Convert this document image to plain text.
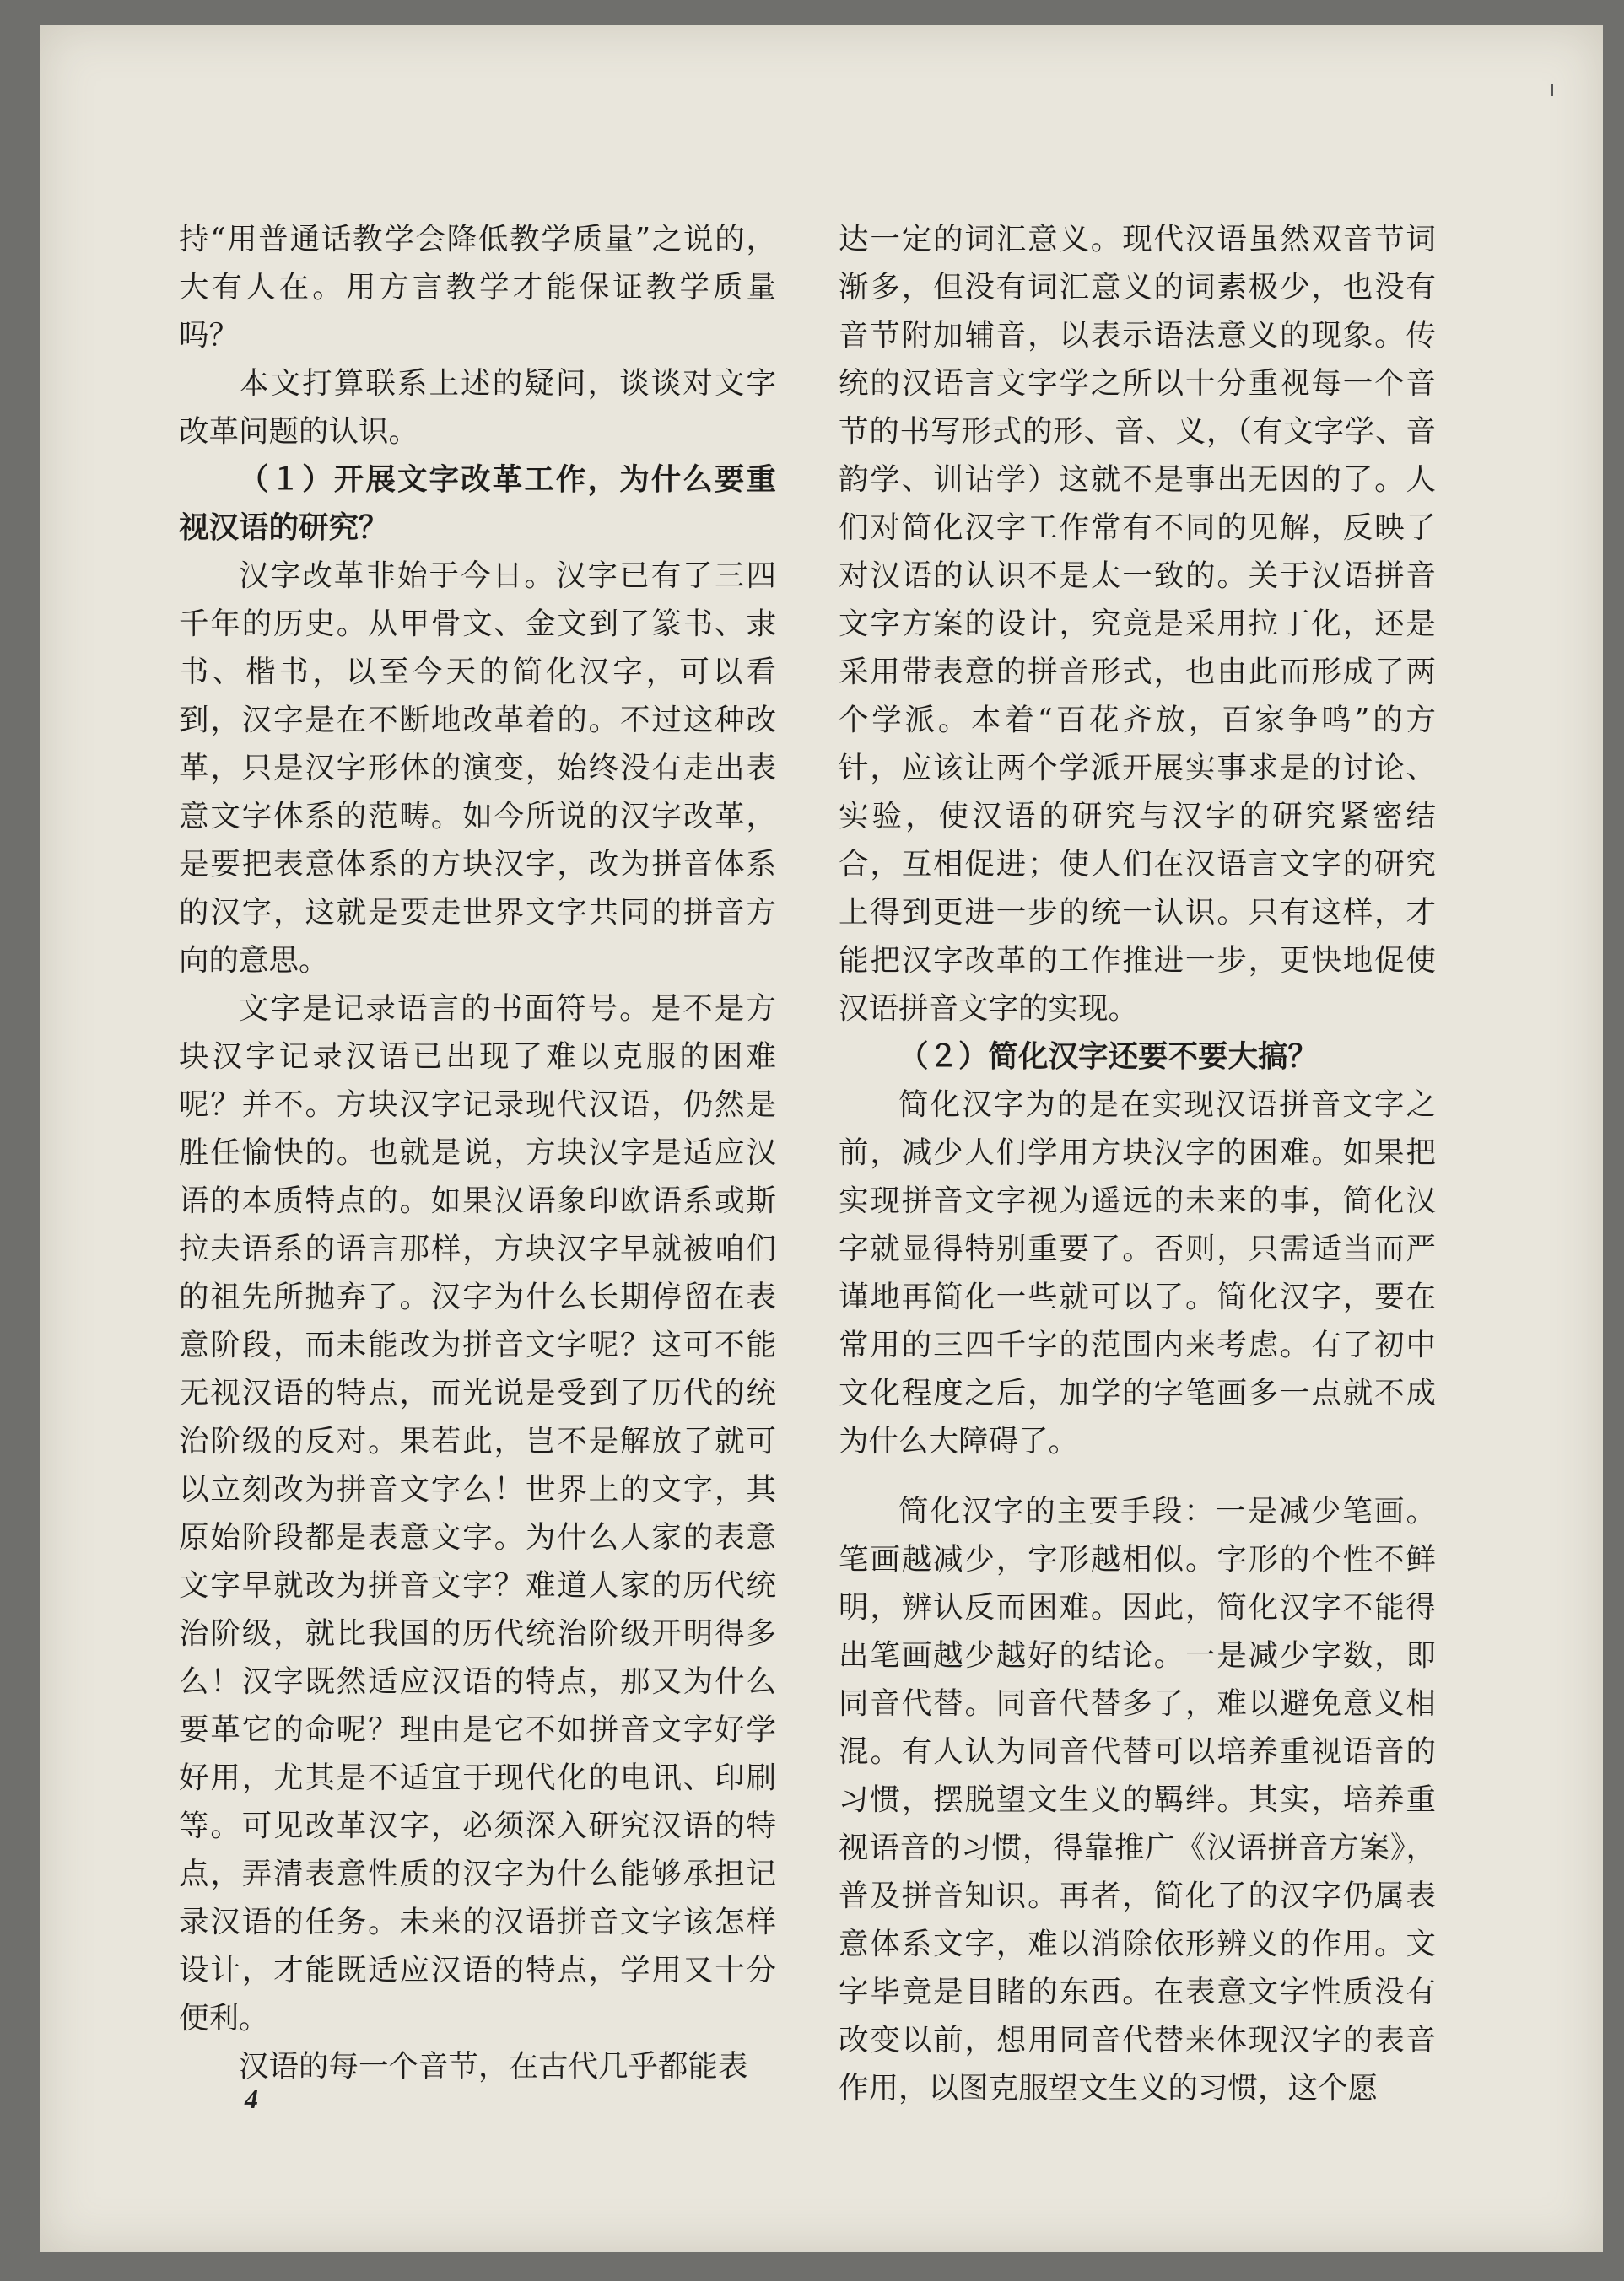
持“用普通话教学会降低教学质量”之说的，大有人在。用方言教学才能保证教学质量吗？

本文打算联系上述的疑问，谈谈对文字改革问题的认识。

（１）开展文字改革工作，为什么要重视汉语的研究？

汉字改革非始于今日。汉字已有了三四千年的历史。从甲骨文、金文到了篆书、隶书、楷书，以至今天的简化汉字，可以看到，汉字是在不断地改革着的。不过这种改革，只是汉字形体的演变，始终没有走出表意文字体系的范畴。如今所说的汉字改革，是要把表意体系的方块汉字，改为拼音体系的汉字，这就是要走世界文字共同的拼音方向的意思。

文字是记录语言的书面符号。是不是方块汉字记录汉语已出现了难以克服的困难呢？并不。方块汉字记录现代汉语，仍然是胜任愉快的。也就是说，方块汉字是适应汉语的本质特点的。如果汉语象印欧语系或斯拉夫语系的语言那样，方块汉字早就被咱们的祖先所抛弃了。汉字为什么长期停留在表意阶段，而未能改为拼音文字呢？这可不能无视汉语的特点，而光说是受到了历代的统治阶级的反对。果若此，岂不是解放了就可以立刻改为拼音文字么！世界上的文字，其原始阶段都是表意文字。为什么人家的表意文字早就改为拼音文字？难道人家的历代统治阶级，就比我国的历代统治阶级开明得多么！汉字既然适应汉语的特点，那又为什么要革它的命呢？理由是它不如拼音文字好学好用，尤其是不适宜于现代化的电讯、印刷等。可见改革汉字，必须深入研究汉语的特点，弄清表意性质的汉字为什么能够承担记录汉语的任务。未来的汉语拼音文字该怎样设计，才能既适应汉语的特点，学用又十分便利。

汉语的每一个音节，在古代几乎都能表

达一定的词汇意义。现代汉语虽然双音节词渐多，但没有词汇意义的词素极少，也没有音节附加辅音，以表示语法意义的现象。传统的汉语言文字学之所以十分重视每一个音节的书写形式的形、音、义，（有文字学、音韵学、训诂学）这就不是事出无因的了。人们对简化汉字工作常有不同的见解，反映了对汉语的认识不是太一致的。关于汉语拼音文字方案的设计，究竟是采用拉丁化，还是采用带表意的拼音形式，也由此而形成了两个学派。本着“百花齐放，百家争鸣”的方针，应该让两个学派开展实事求是的讨论、实验，使汉语的研究与汉字的研究紧密结合，互相促进；使人们在汉语言文字的研究上得到更进一步的统一认识。只有这样，才能把汉字改革的工作推进一步，更快地促使汉语拼音文字的实现。

（２）简化汉字还要不要大搞？

简化汉字为的是在实现汉语拼音文字之前，减少人们学用方块汉字的困难。如果把实现拼音文字视为遥远的未来的事，简化汉字就显得特别重要了。否则，只需适当而严谨地再简化一些就可以了。简化汉字，要在常用的三四千字的范围内来考虑。有了初中文化程度之后，加学的字笔画多一点就不成为什么大障碍了。

简化汉字的主要手段：一是减少笔画。笔画越减少，字形越相似。字形的个性不鲜明，辨认反而困难。因此，简化汉字不能得出笔画越少越好的结论。一是减少字数，即同音代替。同音代替多了，难以避免意义相混。有人认为同音代替可以培养重视语音的习惯，摆脱望文生义的羁绊。其实，培养重视语音的习惯，得靠推广《汉语拼音方案》，普及拼音知识。再者，简化了的汉字仍属表意体系文字，难以消除依形辨义的作用。文字毕竟是目睹的东西。在表意文字性质没有改变以前，想用同音代替来体现汉字的表音作用，以图克服望文生义的习惯，这个愿

4
